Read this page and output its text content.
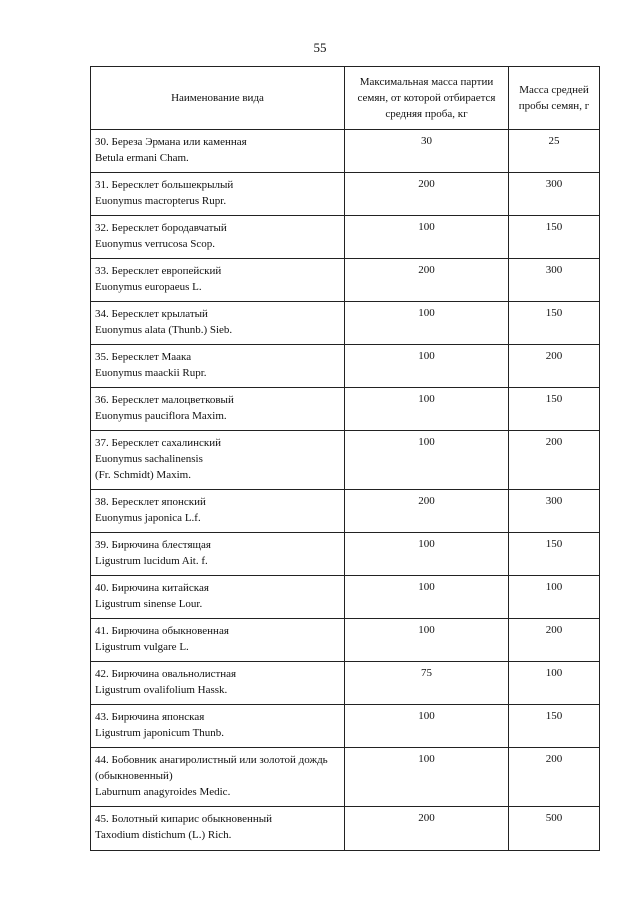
55
Наименование вида	Максимальная масса партии семян, от которой отбирается средняя проба, кг	Масса средней пробы семян, г

30. Береза Эрмана или каменная
Betula ermani Cham.	30	25

31. Бересклет большекрылый
Euonymus macropterus Rupr.	200	300

32. Бересклет бородавчатый
Euonymus verrucosa Scop.	100	150

33. Бересклет европейский
Euonymus europaeus L.	200	300

34. Бересклет крылатый
Euonymus alata (Thunb.) Sieb.	100	150

35. Бересклет Маака
Euonymus maackii Rupr.	100	200

36. Бересклет малоцветковый
Euonymus pauciflora Maxim.	100	150

37. Бересклет сахалинский
Euonymus sachalinensis
(Fr. Schmidt) Maxim.	100	200

38. Бересклет японский
Euonymus japonica L.f.	200	300

39. Бирючина блестящая
Ligustrum lucidum Ait. f.	100	150

40. Бирючина китайская
Ligustrum sinense Lour.	100	100

41. Бирючина обыкновенная
Ligustrum vulgare L.	100	200

42. Бирючина овальнолистная
Ligustrum ovalifolium Hassk.	75	100

43. Бирючина японская
Ligustrum japonicum Thunb.	100	150

44. Бобовник анагиролистный или золотой дождь
(обыкновенный)
Laburnum anagyroides Medic.	100	200

45. Болотный кипарис обыкновенный
Taxodium distichum (L.) Rich.	200	500
